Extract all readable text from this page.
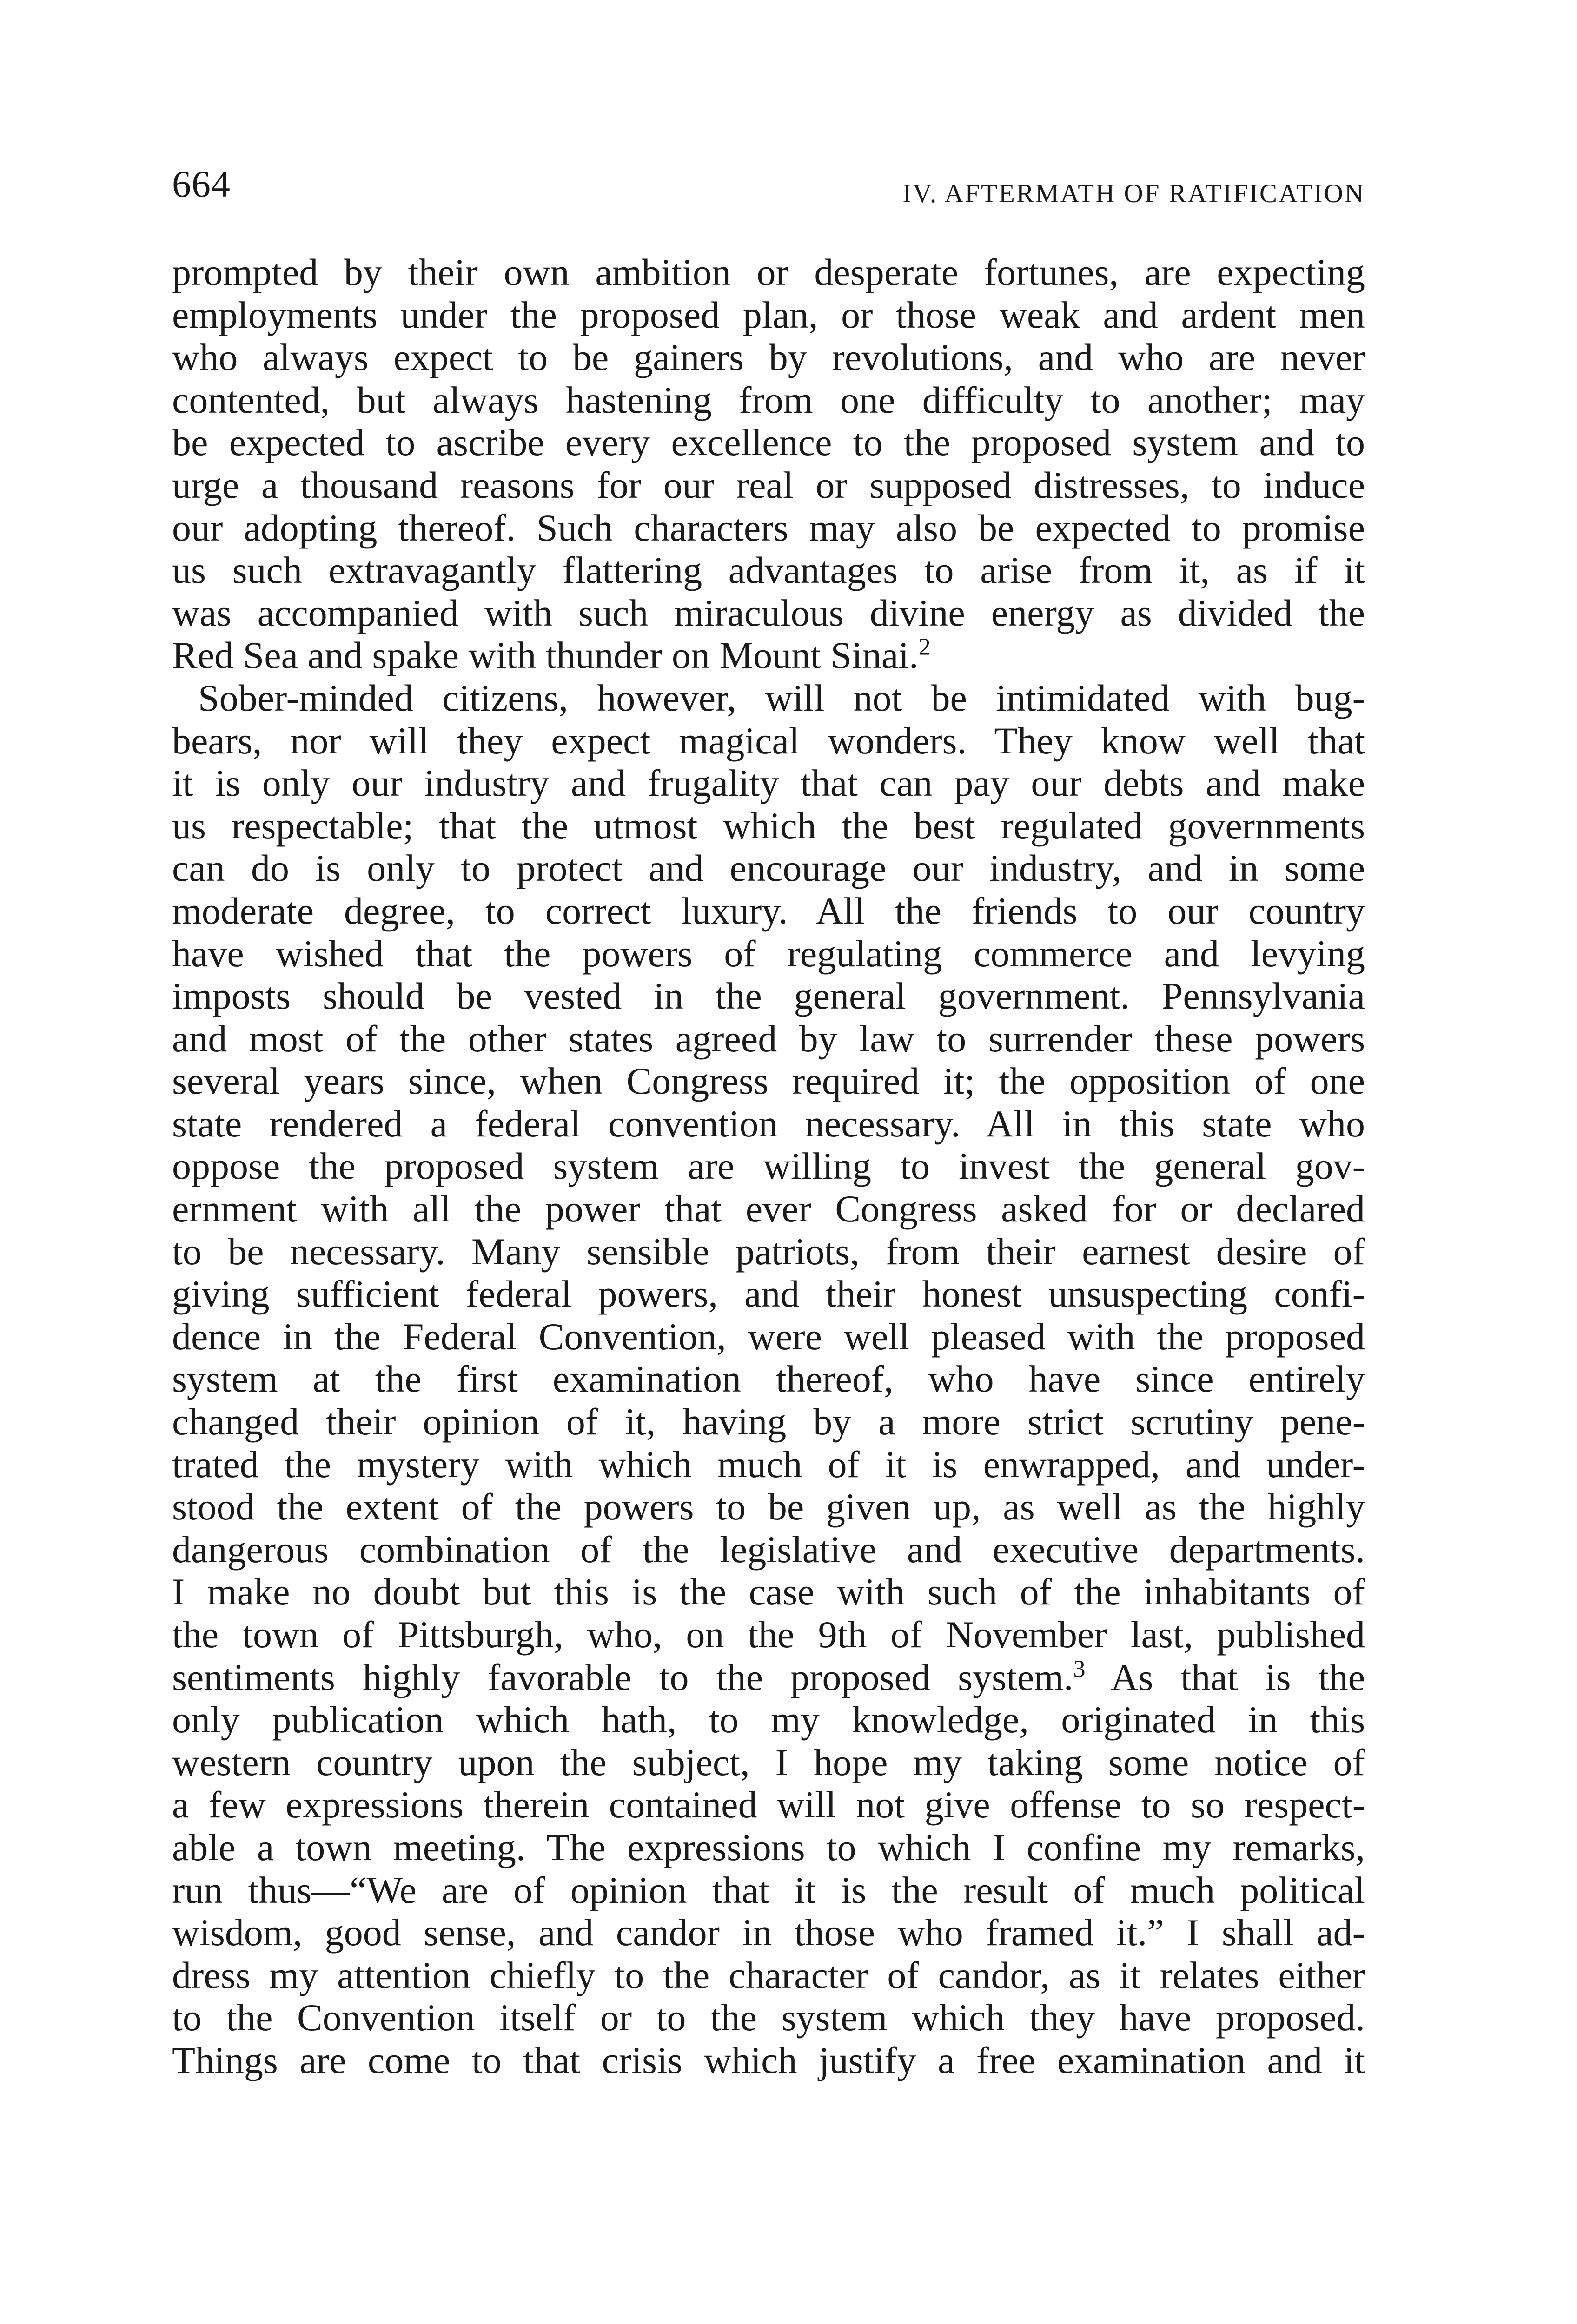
664	IV. AFTERMATH OF RATIFICATION
prompted by their own ambition or desperate fortunes, are expecting
employments under the proposed plan, or those weak and ardent men
who always expect to be gainers by revolutions, and who are never
contented, but always hastening from one difficulty to another; may
be expected to ascribe every excellence to the proposed system and to
urge a thousand reasons for our real or supposed distresses, to induce
our adopting thereof. Such characters may also be expected to promise
us such extravagantly flattering advantages to arise from it, as if it
was accompanied with such miraculous divine energy as divided the
Red Sea and spake with thunder on Mount Sinai.$^2$
Sober-minded citizens, however, will not be intimidated with bug-
bears, nor will they expect magical wonders. They know well that
it is only our industry and frugality that can pay our debts and make
us respectable; that the utmost which the best regulated governments
can do is only to protect and encourage our industry, and in some
moderate degree, to correct luxury. All the friends to our country
have wished that the powers of regulating commerce and levying
imposts should be vested in the general government. Pennsylvania
and most of the other states agreed by law to surrender these powers
several years since, when Congress required it; the opposition of one
state rendered a federal convention necessary. All in this state who
oppose the proposed system are willing to invest the general gov-
ernment with all the power that ever Congress asked for or declared
to be necessary. Many sensible patriots, from their earnest desire of
giving sufficient federal powers, and their honest unsuspecting confi-
dence in the Federal Convention, were well pleased with the proposed
system at the first examination thereof, who have since entirely
changed their opinion of it, having by a more strict scrutiny pene-
trated the mystery with which much of it is enwrapped, and under-
stood the extent of the powers to be given up, as well as the highly
dangerous combination of the legislative and executive departments.
I make no doubt but this is the case with such of the inhabitants of
the town of Pittsburgh, who, on the 9th of November last, published
sentiments highly favorable to the proposed system.$^3$ As that is the
only publication which hath, to my knowledge, originated in this
western country upon the subject, I hope my taking some notice of
a few expressions therein contained will not give offense to so respect-
able a town meeting. The expressions to which I confine my remarks,
run thus—“We are of opinion that it is the result of much political
wisdom, good sense, and candor in those who framed it.” I shall ad-
dress my attention chiefly to the character of candor, as it relates either
to the Convention itself or to the system which they have proposed.
Things are come to that crisis which justify a free examination and it
